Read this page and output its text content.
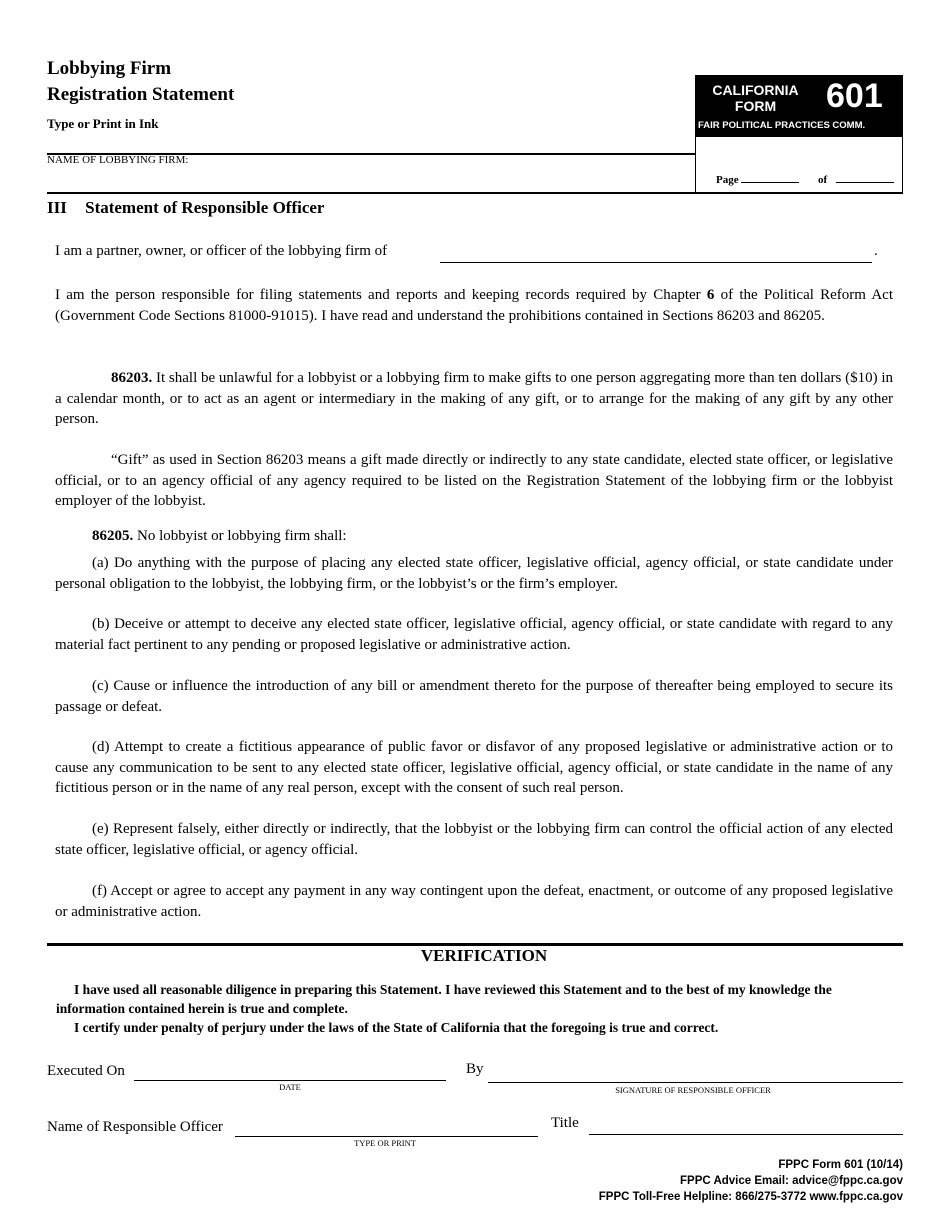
Lobbying Firm
Registration Statement
Type or Print in Ink
NAME OF LOBBYING FIRM:
CALIFORNIA
FORM	601
FAIR POLITICAL PRACTICES COMM.
Page	of
III Statement of Responsible Officer
I am a partner, owner, or officer of the lobbying firm of	.
I am the person responsible for filing statements and reports and keeping records required by Chapter 6 of the Political Reform Act (Government Code Sections 81000-91015). I have read and understand the prohibitions contained in Sections 86203 and 86205.
86203. It shall be unlawful for a lobbyist or a lobbying firm to make gifts to one person aggregating more than ten dollars ($10) in a calendar month, or to act as an agent or intermediary in the making of any gift, or to arrange for the making of any gift by any other person.
“Gift” as used in Section 86203 means a gift made directly or indirectly to any state candidate, elected state officer, or legislative official, or to an agency official of any agency required to be listed on the Registration Statement of the lobbying firm or the lobbyist employer of the lobbyist.
86205. No lobbyist or lobbying firm shall:
(a) Do anything with the purpose of placing any elected state officer, legislative official, agency official, or state candidate under personal obligation to the lobbyist, the lobbying firm, or the lobbyist’s or the firm’s employer.
(b) Deceive or attempt to deceive any elected state officer, legislative official, agency official, or state candidate with regard to any material fact pertinent to any pending or proposed legislative or administrative action.
(c) Cause or influence the introduction of any bill or amendment thereto for the purpose of thereafter being employed to secure its passage or defeat.
(d) Attempt to create a fictitious appearance of public favor or disfavor of any proposed legislative or administrative action or to cause any communication to be sent to any elected state officer, legislative official, agency official, or state candidate in the name of any fictitious person or in the name of any real person, except with the consent of such real person.
(e) Represent falsely, either directly or indirectly, that the lobbyist or the lobbying firm can control the official action of any elected state officer, legislative official, or agency official.
(f) Accept or agree to accept any payment in any way contingent upon the defeat, enactment, or outcome of any proposed legislative or administrative action.
VERIFICATION
I have used all reasonable diligence in preparing this Statement. I have reviewed this Statement and to the best of my knowledge the information contained herein is true and complete.
I certify under penalty of perjury under the laws of the State of California that the foregoing is true and correct.
Executed On
DATE
By
SIGNATURE OF RESPONSIBLE OFFICER
Name of Responsible Officer
TYPE OR PRINT
Title
FPPC Form 601 (10/14)
FPPC Advice Email: advice@fppc.ca.gov
FPPC Toll-Free Helpline: 866/275-3772 www.fppc.ca.gov
